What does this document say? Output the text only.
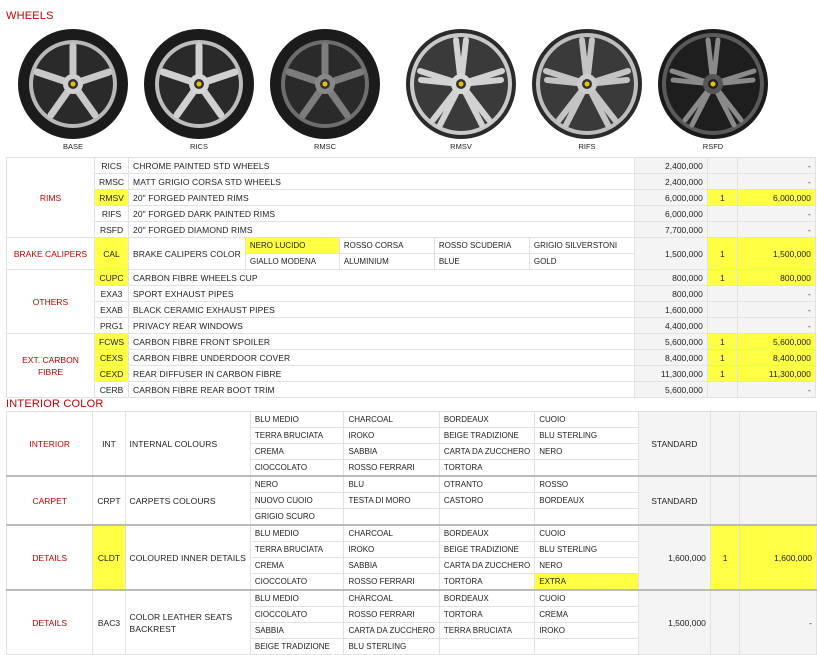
WHEELS
BASE	RICS	RMSC	RMSV	RIFS	RSFD
RIMS	RICS	CHROME PAINTED STD WHEELS					2,400,000		-
	RMSC	MATT GRIGIO CORSA STD WHEELS					2,400,000		-
	RMSV	20" FORGED PAINTED RIMS					6,000,000	1	6,000,000
	RIFS	20" FORGED DARK PAINTED RIMS					6,000,000		-
	RSFD	20" FORGED DIAMOND RIMS					7,700,000		-
BRAKE CALIPERS	CAL	BRAKE CALIPERS COLOR	NERO LUCIDO	ROSSO CORSA	ROSSO SCUDERIA	GRIGIO SILVERSTONI	1,500,000	1	1,500,000
			GIALLO MODENA	ALUMINIUM	BLUE	GOLD			
OTHERS	CUPC	CARBON FIBRE WHEELS CUP					800,000	1	800,000
	EXA3	SPORT EXHAUST PIPES					800,000		-
	EXAB	BLACK CERAMIC EXHAUST PIPES					1,600,000		-
	PRG1	PRIVACY REAR WINDOWS					4,400,000		-
EXT. CARBON FIBRE	FCWS	CARBON FIBRE FRONT SPOILER					5,600,000	1	5,600,000
	CEXS	CARBON FIBRE UNDERDOOR COVER					8,400,000	1	8,400,000
	CEXD	REAR DIFFUSER IN CARBON FIBRE					11,300,000	1	11,300,000
	CERB	CARBON FIBRE REAR BOOT TRIM					5,600,000		-
INTERIOR COLOR
INTERIOR	INT	INTERNAL COLOURS	BLU MEDIO	CHARCOAL	BORDEAUX	CUOIO	STANDARD		
			TERRA BRUCIATA	IROKO	BEIGE TRADIZIONE	BLU STERLING			
			CREMA	SABBIA	CARTA DA ZUCCHERO	NERO			
			CIOCCOLATO	ROSSO FERRARI	TORTORA				
CARPET	CRPT	CARPETS COLOURS	NERO	BLU	OTRANTO	ROSSO	STANDARD		
			NUOVO CUOIO	TESTA DI MORO	CASTORO	BORDEAUX			
			GRIGIO SCURO						
DETAILS	CLDT	COLOURED INNER DETAILS	BLU MEDIO	CHARCOAL	BORDEAUX	CUOIO	1,600,000	1	1,600,000
			TERRA BRUCIATA	IROKO	BEIGE TRADIZIONE	BLU STERLING			
			CREMA	SABBIA	CARTA DA ZUCCHERO	NERO			
			CIOCCOLATO	ROSSO FERRARI	TORTORA	EXTRA			
DETAILS	BAC3	COLOR LEATHER SEATS BACKREST	BLU MEDIO	CHARCOAL	BORDEAUX	CUOIO	1,500,000		-
			CIOCCOLATO	ROSSO FERRARI	TORTORA	CREMA			
			SABBIA	CARTA DA ZUCCHERO	TERRA BRUCIATA	IROKO			
			BEIGE TRADIZIONE	BLU STERLING					
